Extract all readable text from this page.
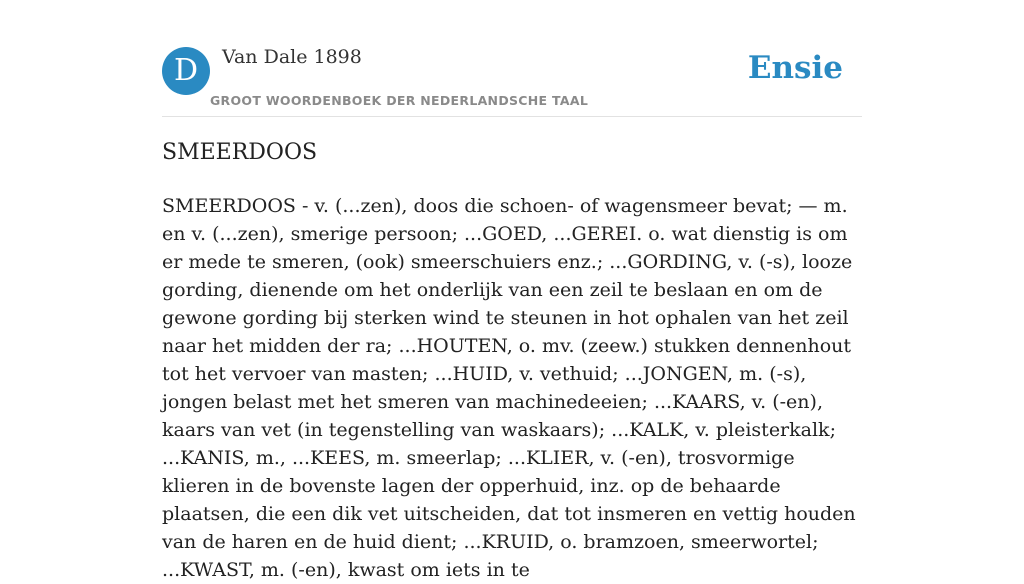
D	Van Dale 1898
GROOT WOORDENBOEK DER NEDERLANDSCHE TAAL
Ensie
SMEERDOOS

SMEERDOOS - v. (...zen), doos die schoen- of wagensmeer bevat; — m. en v. (...zen), smerige persoon; ...GOED, ...GEREI. o. wat dienstig is om er mede te smeren, (ook) smeerschuiers enz.; ...GORDING, v. (-s), looze gording, dienende om het onderlijk van een zeil te beslaan en om de gewone gording bij sterken wind te steunen in hot ophalen van het zeil naar het midden der ra; ...HOUTEN, o. mv. (zeew.) stukken dennenhout tot het vervoer van masten; ...HUID, v. vethuid; ...JONGEN, m. (-s), jongen belast met het smeren van machinedeeien; ...KAARS, v. (-en), kaars van vet (in tegenstelling van waskaars); ...KALK, v. pleisterkalk; ...KANIS, m., ...KEES, m. smeerlap; ...KLIER, v. (-en), trosvormige klieren in de bovenste lagen der opperhuid, inz. op de behaarde plaatsen, die een dik vet uitscheiden, dat tot insmeren en vettig houden van de haren en de huid dient; ...KRUID, o. bramzoen, smeerwortel; ...KWAST, m. (-en), kwast om iets in te
